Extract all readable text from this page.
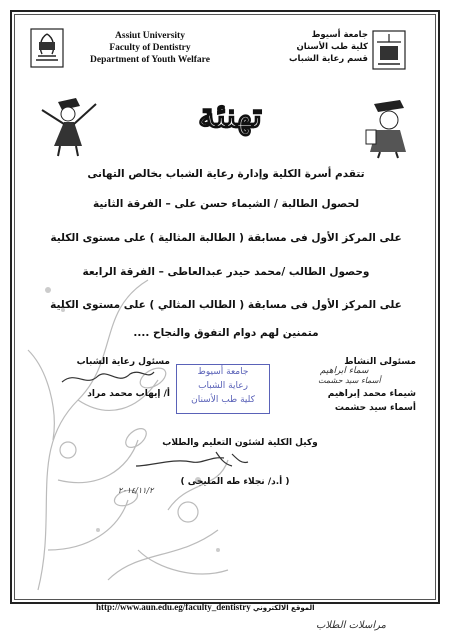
Assiut University
Faculty of Dentistry
Department of Youth Welfare
جامعة أسيوط
كلية طب الأسنان
قسم رعاية الشباب
تهنئة
تتقدم أسرة الكلية وإدارة رعاية الشباب بخالص التهانى
لحصول الطالبة / الشيماء حسن على – الفرقة الثانية
على المركز الأول فى مسابقة ( الطالبة المثالية ) على مستوى الكلية
وحصول الطالب /محمد حيدر عبدالعاطى – الفرقة الرابعة
على المركز الأول فى مسابقة ( الطالب المثالي ) على مستوى الكلية
متمنين لهم دوام التفوق والنجاح ....
مسئول رعاية الشباب
أ/ إيهاب محمد مراد
جامعة أسيوط
رعاية الشباب
كلية طب الأسنان
مسئولى النشاط
سماء ابراهيم
أسماء سيد حشمت
شيماء محمد إبراهيم
أسماء سيد حشمت
وكيل الكلية لشئون التعليم والطلاب
( أ.د/ نجلاء طه المليجى )
٢٠١٤/١١/٢
http://www.aun.edu.eg/faculty_dentistry الموقع الالكتروني
مراسلات الطلاب
